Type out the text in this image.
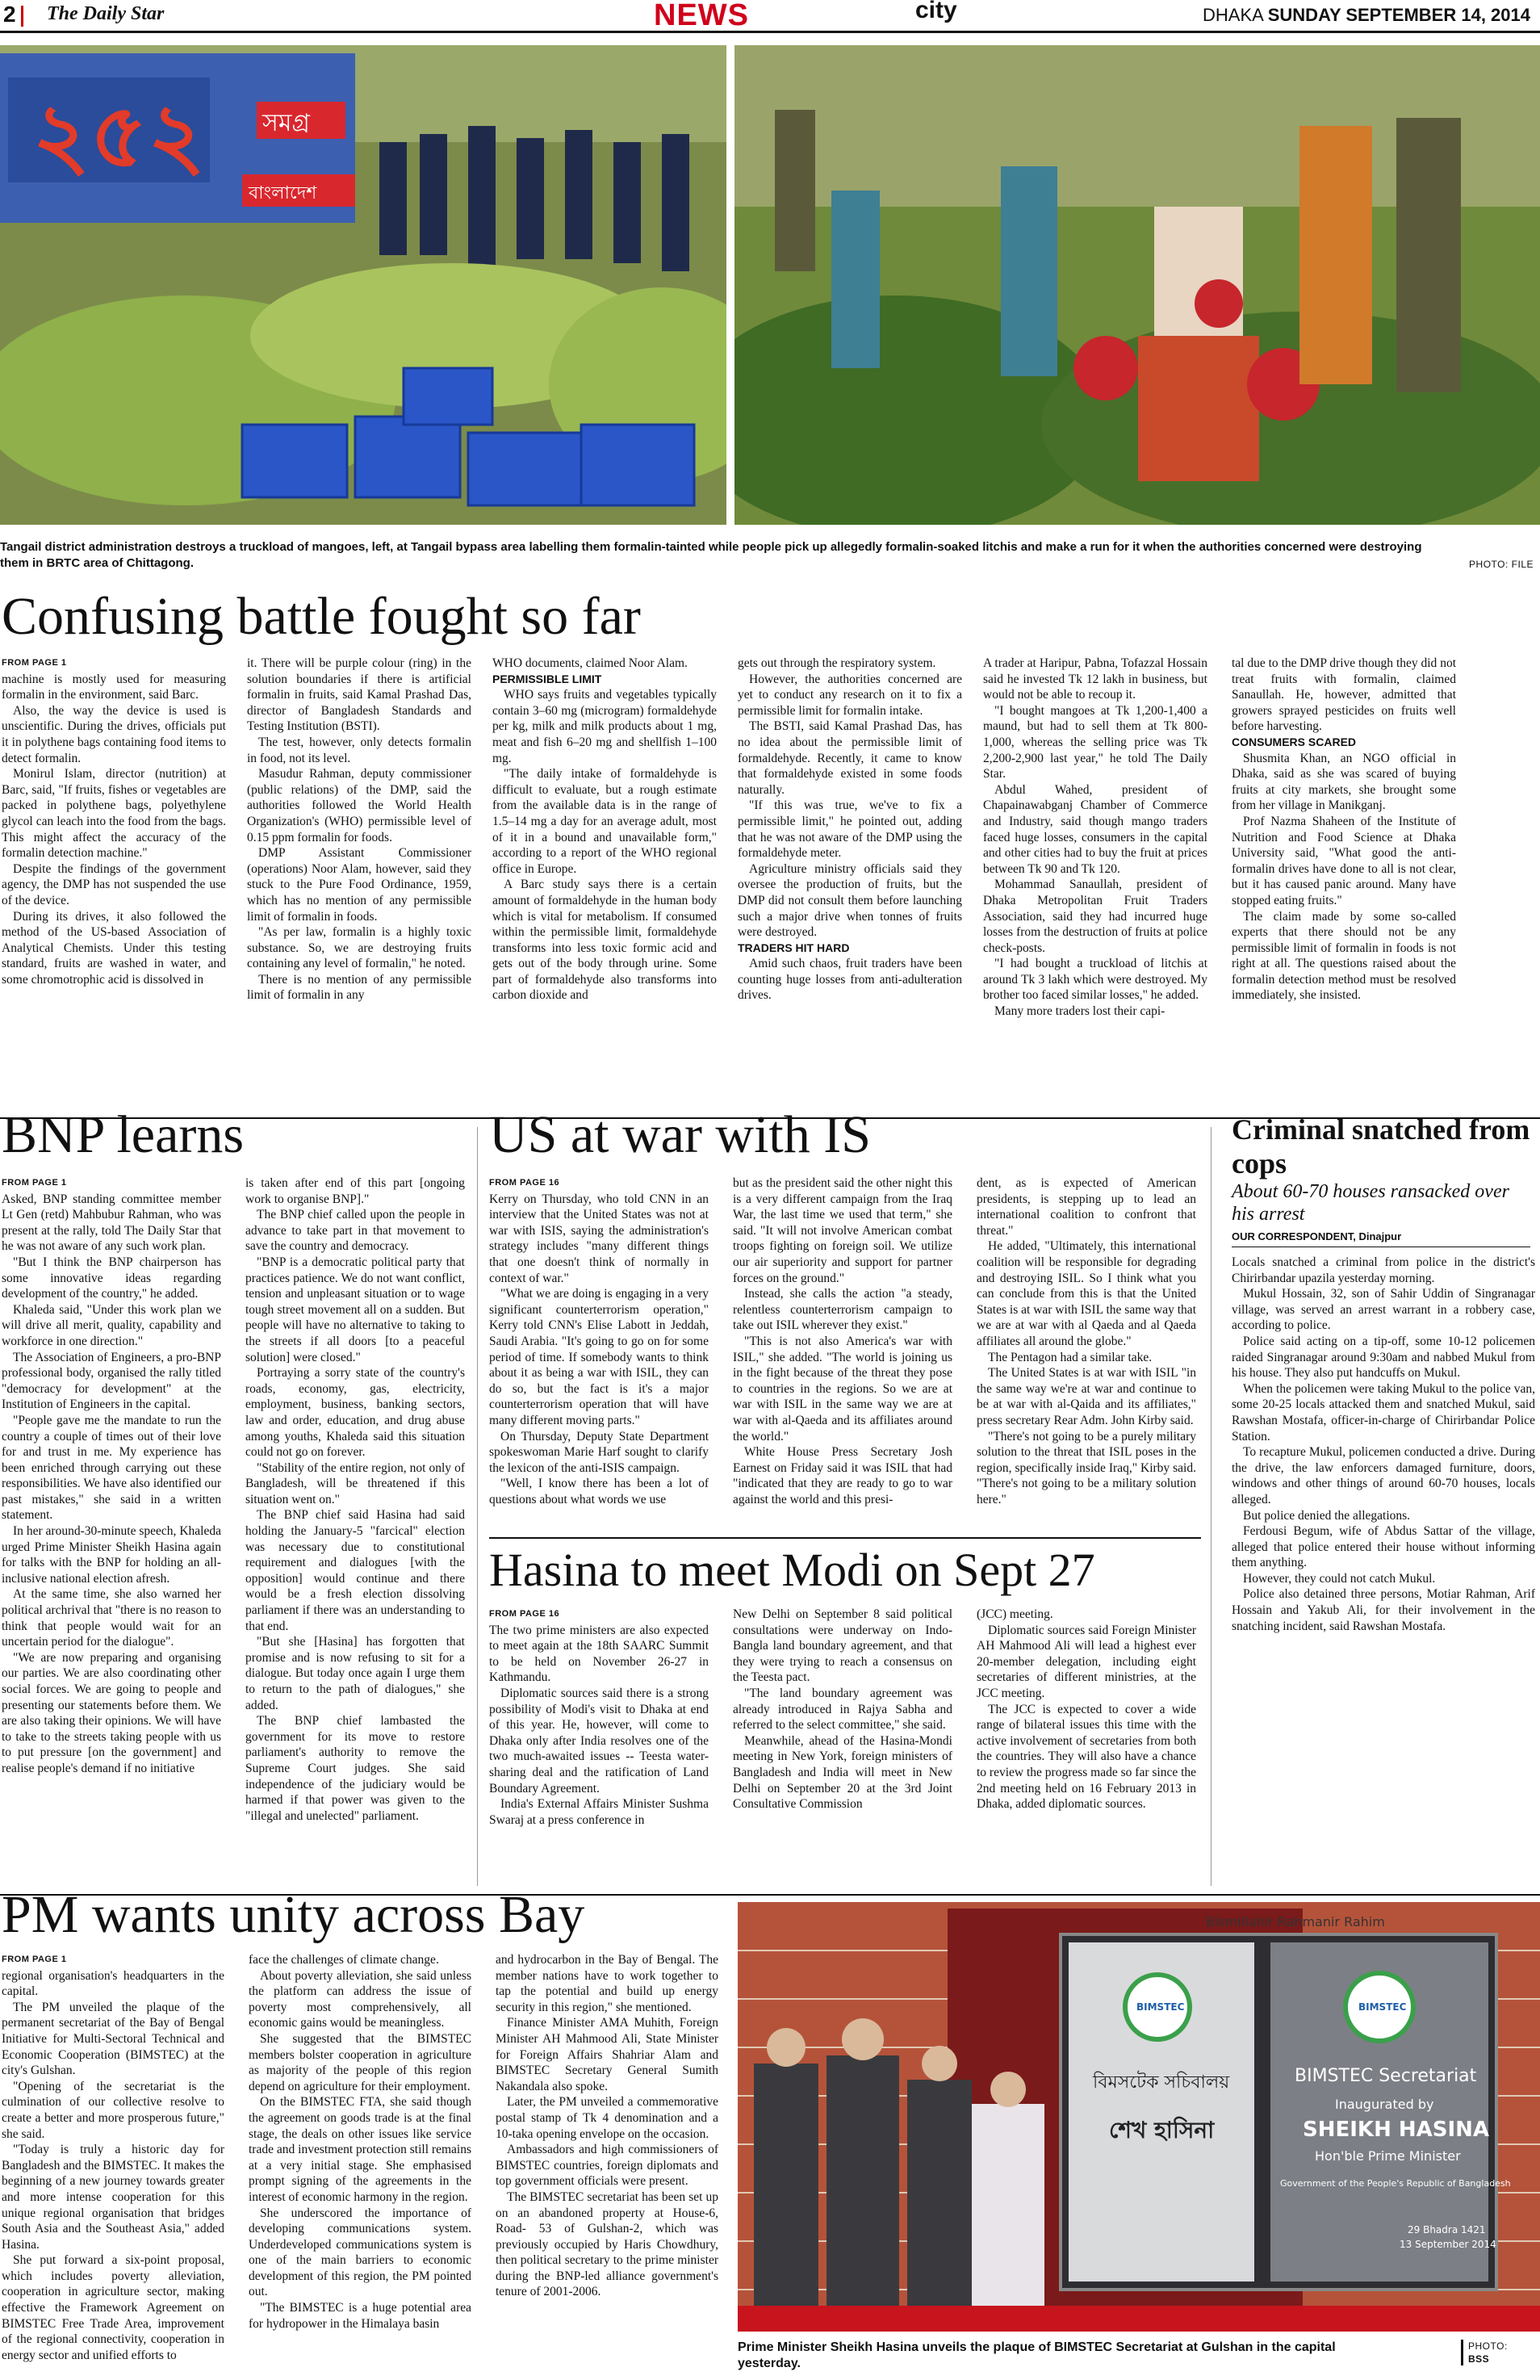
2	The Daily Star	NEWS	city	DHAKA SUNDAY SEPTEMBER 14, 2014
২৫২ সমগ্র
বাংলাদেশ
Tangail district administration destroys a truckload of mangoes, left, at Tangail bypass area labelling them formalin-tainted while people pick up allegedly formalin-soaked litchis and make a run for it when the authorities concerned were destroying them in BRTC area of Chittagong.	PHOTO: FILE
Confusing battle fought so far
FROM PAGE 1

machine is mostly used for measuring formalin in the environment, said Barc.

Also, the way the device is used is unscientific. During the drives, officials put it in polythene bags containing food items to detect formalin.

Monirul Islam, director (nutrition) at Barc, said, "If fruits, fishes or vegetables are packed in polythene bags, polyethylene glycol can leach into the food from the bags. This might affect the accuracy of the formalin detection machine."

Despite the findings of the government agency, the DMP has not suspended the use of the device.

During its drives, it also followed the method of the US-based Association of Analytical Chemists. Under this testing standard, fruits are washed in water, and some chromotrophic acid is dissolved in

it. There will be purple colour (ring) in the solution boundaries if there is artificial formalin in fruits, said Kamal Prashad Das, director of Bangladesh Standards and Testing Institution (BSTI).

The test, however, only detects formalin in food, not its level.

Masudur Rahman, deputy commissioner (public relations) of the DMP, said the authorities followed the World Health Organization's (WHO) permissible level of 0.15 ppm formalin for foods.

DMP Assistant Commissioner (operations) Noor Alam, however, said they stuck to the Pure Food Ordinance, 1959, which has no mention of any permissible limit of formalin in foods.

"As per law, formalin is a highly toxic substance. So, we are destroying fruits containing any level of formalin," he noted.

There is no mention of any permissible limit of formalin in any

WHO documents, claimed Noor Alam.

PERMISSIBLE LIMIT

WHO says fruits and vegetables typically contain 3–60 mg (microgram) formaldehyde per kg, milk and milk products about 1 mg, meat and fish 6–20 mg and shellfish 1–100 mg.

"The daily intake of formaldehyde is difficult to evaluate, but a rough estimate from the available data is in the range of 1.5–14 mg a day for an average adult, most of it in a bound and unavailable form," according to a report of the WHO regional office in Europe.

A Barc study says there is a certain amount of formaldehyde in the human body which is vital for metabolism. If consumed within the permissible limit, formaldehyde transforms into less toxic formic acid and gets out of the body through urine. Some part of formaldehyde also transforms into carbon dioxide and

gets out through the respiratory system.

However, the authorities concerned are yet to conduct any research on it to fix a permissible limit for formalin intake.

The BSTI, said Kamal Prashad Das, has no idea about the permissible limit of formaldehyde. Recently, it came to know that formaldehyde existed in some foods naturally.

"If this was true, we've to fix a permissible limit," he pointed out, adding that he was not aware of the DMP using the formaldehyde meter.

Agriculture ministry officials said they oversee the production of fruits, but the DMP did not consult them before launching such a major drive when tonnes of fruits were destroyed.

TRADERS HIT HARD

Amid such chaos, fruit traders have been counting huge losses from anti-adulteration drives.

A trader at Haripur, Pabna, Tofazzal Hossain said he invested Tk 12 lakh in business, but would not be able to recoup it.

"I bought mangoes at Tk 1,200-1,400 a maund, but had to sell them at Tk 800-1,000, whereas the selling price was Tk 2,200-2,900 last year," he told The Daily Star.

Abdul Wahed, president of Chapainawabganj Chamber of Commerce and Industry, said though mango traders faced huge losses, consumers in the capital and other cities had to buy the fruit at prices between Tk 90 and Tk 120.

Mohammad Sanaullah, president of Dhaka Metropolitan Fruit Traders Association, said they had incurred huge losses from the destruction of fruits at police check-posts.

"I had bought a truckload of litchis at around Tk 3 lakh which were destroyed. My brother too faced similar losses," he added.

Many more traders lost their capi-

tal due to the DMP drive though they did not treat fruits with formalin, claimed Sanaullah. He, however, admitted that growers sprayed pesticides on fruits well before harvesting.

CONSUMERS SCARED

Shusmita Khan, an NGO official in Dhaka, said as she was scared of buying fruits at city markets, she brought some from her village in Manikganj.

Prof Nazma Shaheen of the Institute of Nutrition and Food Science at Dhaka University said, "What good the anti-formalin drives have done to all is not clear, but it has caused panic around. Many have stopped eating fruits."

The claim made by some so-called experts that there should not be any permissible limit of formalin in foods is not right at all. The questions raised about the formalin detection method must be resolved immediately, she insisted.

BNP learns
FROM PAGE 1

Asked, BNP standing committee member Lt Gen (retd) Mahbubur Rahman, who was present at the rally, told The Daily Star that he was not aware of any such work plan.

"But I think the BNP chairperson has some innovative ideas regarding development of the country," he added.

Khaleda said, "Under this work plan we will drive all merit, quality, capability and workforce in one direction."

The Association of Engineers, a pro-BNP professional body, organised the rally titled "democracy for development" at the Institution of Engineers in the capital.

"People gave me the mandate to run the country a couple of times out of their love for and trust in me. My experience has been enriched through carrying out these responsibilities. We have also identified our past mistakes," she said in a written statement.

In her around-30-minute speech, Khaleda urged Prime Minister Sheikh Hasina again for talks with the BNP for holding an all-inclusive national election afresh.

At the same time, she also warned her political archrival that "there is no reason to think that people would wait for an uncertain period for the dialogue".

"We are now preparing and organising our parties. We are also coordinating other social forces. We are going to people and presenting our statements before them. We are also taking their opinions. We will have to take to the streets taking people with us to put pressure [on the government] and realise people's demand if no initiative

is taken after end of this part [ongoing work to organise BNP]."

The BNP chief called upon the people in advance to take part in that movement to save the country and democracy.

"BNP is a democratic political party that practices patience. We do not want conflict, tension and unpleasant situation or to wage tough street movement all on a sudden. But people will have no alternative to taking to the streets if all doors [to a peaceful solution] were closed."

Portraying a sorry state of the country's roads, economy, gas, electricity, employment, business, banking sectors, law and order, education, and drug abuse among youths, Khaleda said this situation could not go on forever.

"Stability of the entire region, not only of Bangladesh, will be threatened if this situation went on."

The BNP chief said Hasina had said holding the January-5 "farcical" election was necessary due to constitutional requirement and dialogues [with the opposition] would continue and there would be a fresh election dissolving parliament if there was an understanding to that end.

"But she [Hasina] has forgotten that promise and is now refusing to sit for a dialogue. But today once again I urge them to return to the path of dialogues," she added.

The BNP chief lambasted the government for its move to restore parliament's authority to remove the Supreme Court judges. She said independence of the judiciary would be harmed if that power was given to the "illegal and unelected" parliament.

US at war with IS
FROM PAGE 16

Kerry on Thursday, who told CNN in an interview that the United States was not at war with ISIS, saying the administration's strategy includes "many different things that one doesn't think of normally in context of war."

"What we are doing is engaging in a very significant counterterrorism operation," Kerry told CNN's Elise Labott in Jeddah, Saudi Arabia. "It's going to go on for some period of time. If somebody wants to think about it as being a war with ISIL, they can do so, but the fact is it's a major counterterrorism operation that will have many different moving parts."

On Thursday, Deputy State Department spokeswoman Marie Harf sought to clarify the lexicon of the anti-ISIS campaign.

"Well, I know there has been a lot of questions about what words we use

but as the president said the other night this is a very different campaign from the Iraq War, the last time we used that term," she said. "It will not involve American combat troops fighting on foreign soil. We utilize our air superiority and support for partner forces on the ground."

Instead, she calls the action "a steady, relentless counterterrorism campaign to take out ISIL wherever they exist."

"This is not also America's war with ISIL," she added. "The world is joining us in the fight because of the threat they pose to countries in the regions. So we are at war with ISIL in the same way we are at war with al-Qaeda and its affiliates around the world."

White House Press Secretary Josh Earnest on Friday said it was ISIL that had "indicated that they are ready to go to war against the world and this presi-

dent, as is expected of American presidents, is stepping up to lead an international coalition to confront that threat."

He added, "Ultimately, this international coalition will be responsible for degrading and destroying ISIL. So I think what you can conclude from this is that the United States is at war with ISIL the same way that we are at war with al Qaeda and al Qaeda affiliates all around the globe."

The Pentagon had a similar take.

The United States is at war with ISIL "in the same way we're at war and continue to be at war with al-Qaida and its affiliates," press secretary Rear Adm. John Kirby said.

"There's not going to be a purely military solution to the threat that ISIL poses in the region, specifically inside Iraq," Kirby said. "There's not going to be a military solution here."

Criminal snatched from cops
About 60-70 houses ransacked over his arrest
OUR CORRESPONDENT, Dinajpur

Locals snatched a criminal from police in the district's Chirirbandar upazila yesterday morning.

Mukul Hossain, 32, son of Sahir Uddin of Singranagar village, was served an arrest warrant in a robbery case, according to police.

Police said acting on a tip-off, some 10-12 policemen raided Singranagar around 9:30am and nabbed Mukul from his house. They also put handcuffs on Mukul.

When the policemen were taking Mukul to the police van, some 20-25 locals attacked them and snatched Mukul, said Rawshan Mostafa, officer-in-charge of Chirirbandar Police Station.

To recapture Mukul, policemen conducted a drive. During the drive, the law enforcers damaged furniture, doors, windows and other things of around 60-70 houses, locals alleged.

But police denied the allegations.

Ferdousi Begum, wife of Abdus Sattar of the village, alleged that police entered their house without informing them anything.

However, they could not catch Mukul.

Police also detained three persons, Motiar Rahman, Arif Hossain and Yakub Ali, for their involvement in the snatching incident, said Rawshan Mostafa.

Hasina to meet Modi on Sept 27
FROM PAGE 16

The two prime ministers are also expected to meet again at the 18th SAARC Summit to be held on November 26-27 in Kathmandu.

Diplomatic sources said there is a strong possibility of Modi's visit to Dhaka at end of this year. He, however, will come to Dhaka only after India resolves one of the two much-awaited issues -- Teesta water-sharing deal and the ratification of Land Boundary Agreement.

India's External Affairs Minister Sushma Swaraj at a press conference in

New Delhi on September 8 said political consultations were underway on Indo-Bangla land boundary agreement, and that they were trying to reach a consensus on the Teesta pact.

"The land boundary agreement was already introduced in Rajya Sabha and referred to the select committee," she said.

Meanwhile, ahead of the Hasina-Mondi meeting in New York, foreign ministers of Bangladesh and India will meet in New Delhi on September 20 at the 3rd Joint Consultative Commission

(JCC) meeting.

Diplomatic sources said Foreign Minister AH Mahmood Ali will lead a highest ever 20-member delegation, including eight secretaries of different ministries, at the JCC meeting.

The JCC is expected to cover a wide range of bilateral issues this time with the active involvement of secretaries from both the countries. They will also have a chance to review the progress made so far since the 2nd meeting held on 16 February 2013 in Dhaka, added diplomatic sources.

PM wants unity across Bay
FROM PAGE 1

regional organisation's headquarters in the capital.

The PM unveiled the plaque of the permanent secretariat of the Bay of Bengal Initiative for Multi-Sectoral Technical and Economic Cooperation (BIMSTEC) at the city's Gulshan.

"Opening of the secretariat is the culmination of our collective resolve to create a better and more prosperous future," she said.

"Today is truly a historic day for Bangladesh and the BIMSTEC. It makes the beginning of a new journey towards greater and more intense cooperation for this unique regional organisation that bridges South Asia and the Southeast Asia," added Hasina.

She put forward a six-point proposal, which includes poverty alleviation, cooperation in agriculture sector, making effective the Framework Agreement on BIMSTEC Free Trade Area, improvement of the regional connectivity, cooperation in energy sector and unified efforts to

face the challenges of climate change.

About poverty alleviation, she said unless the platform can address the issue of poverty most comprehensively, all economic gains would be meaningless.

She suggested that the BIMSTEC members bolster cooperation in agriculture as majority of the people of this region depend on agriculture for their employment.

On the BIMSTEC FTA, she said though the agreement on goods trade is at the final stage, the deals on other issues like service trade and investment protection still remains at a very initial stage. She emphasised prompt signing of the agreements in the interest of economic harmony in the region.

She underscored the importance of developing communications system. Underdeveloped communications system is one of the main barriers to economic development of this region, the PM pointed out.

"The BIMSTEC is a huge potential area for hydropower in the Himalaya basin

and hydrocarbon in the Bay of Bengal. The member nations have to work together to tap the potential and build up energy security in this region," she mentioned.

Finance Minister AMA Muhith, Foreign Minister AH Mahmood Ali, State Minister for Foreign Affairs Shahriar Alam and BIMSTEC Secretary General Sumith Nakandala also spoke.

Later, the PM unveiled a commemorative postal stamp of Tk 4 denomination and a 10-taka opening envelope on the occasion.

Ambassadors and high commissioners of BIMSTEC countries, foreign diplomats and top government officials were present.

The BIMSTEC secretariat has been set up on an abandoned property at House-6, Road- 53 of Gulshan-2, which was previously occupied by Haris Chowdhury, then political secretary to the prime minister during the BNP-led alliance government's tenure of 2001-2006.

Bismillahir Rahmanir Rahim
BIMSTEC
বিমসটেক সচিবালয়
শেখ হাসিনা
BIMSTEC
BIMSTEC Secretariat
Inaugurated by
SHEIKH HASINA
Hon'ble Prime Minister
Government of the People's Republic of Bangladesh
29 Bhadra 1421
13 September 2014
Prime Minister Sheikh Hasina unveils the plaque of BIMSTEC Secretariat at Gulshan in the capital yesterday.
PHOTO:
BSS
